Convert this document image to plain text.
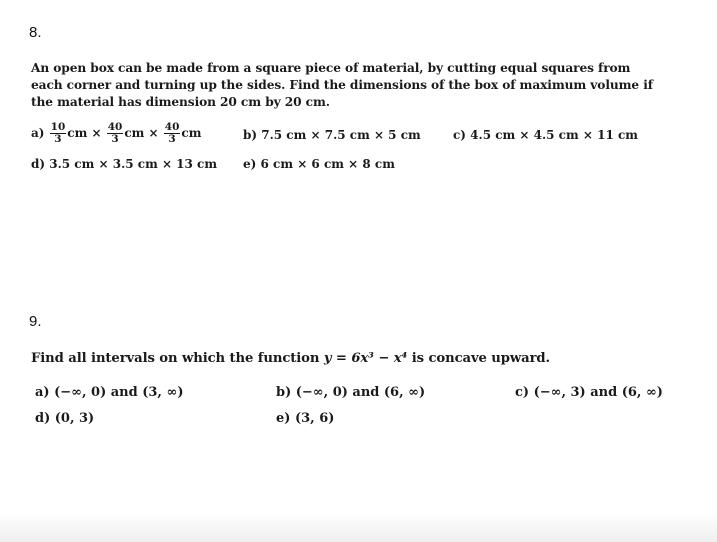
8.
An open box can be made from a square piece of material, by cutting equal squares from each corner and turning up the sides. Find the dimensions of the box of maximum volume if the material has dimension 20 cm by 20 cm.
$a) \frac{10}{3}$ cm × $\frac{40}{3}$ cm × $\frac{40}{3}$ cm	b) 7.5 cm × 7.5 cm × 5 cm	c) 4.5 cm × 4.5 cm × 11 cm
d) 3.5 cm × 3.5 cm × 13 cm e) 6 cm × 6 cm × 8 cm
9.
Find all intervals on which the function y = 6x³ − x⁴ is concave upward.
a) (−∞, 0) and (3, ∞)	b) (−∞, 0) and (6, ∞)	c) (−∞, 3) and (6, ∞)
d) (0, 3)	e) (3, 6)
